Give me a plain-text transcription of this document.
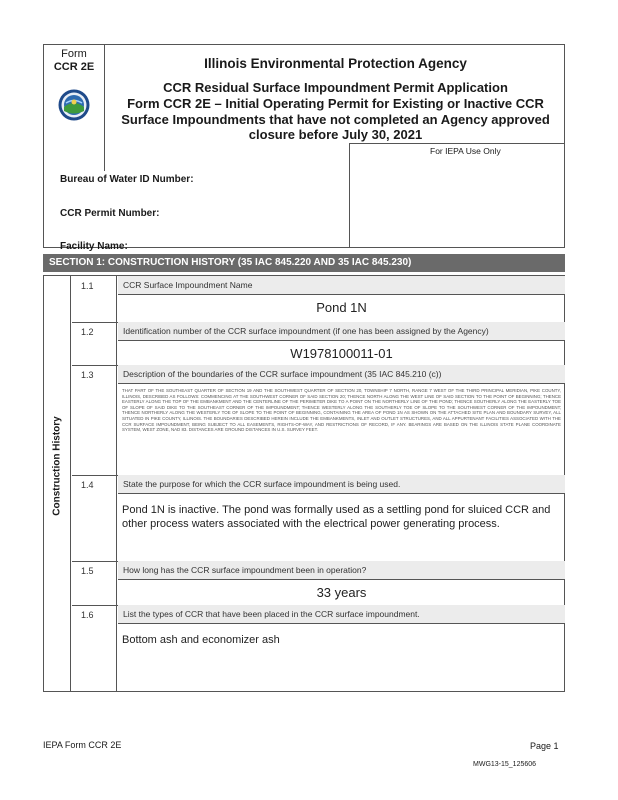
Form
CCR 2E	Illinois Environmental Protection Agency
CCR Residual Surface Impoundment Permit Application
Form CCR 2E – Initial Operating Permit for Existing or Inactive CCR Surface Impoundments that have not completed an Agency approved closure before July 30, 2021
Bureau of Water ID Number:
CCR Permit Number:
Facility Name:
For IEPA Use Only
SECTION 1: CONSTRUCTION HISTORY (35 IAC 845.220 AND 35 IAC 845.230)
Construction History
1.1	CCR Surface Impoundment Name
Pond 1N
1.2	Identification number of the CCR surface impoundment (if one has been assigned by the Agency)
W1978100011-01
1.3	Description of the boundaries of the CCR surface impoundment (35 IAC 845.210 (c))
THAT PART OF THE SOUTHEAST QUARTER OF SECTION 19 AND THE SOUTHWEST QUARTER OF SECTION 20, TOWNSHIP 7 NORTH, RANGE 7 WEST OF THE THIRD PRINCIPAL MERIDIAN, PIKE COUNTY, ILLINOIS, DESCRIBED AS FOLLOWS: COMMENCING AT THE SOUTHWEST CORNER OF SAID SECTION 20; THENCE NORTH ALONG THE WEST LINE OF SAID SECTION TO THE POINT OF BEGINNING; THENCE EASTERLY ALONG THE TOP OF THE EMBANKMENT AND THE CENTERLINE OF THE PERIMETER DIKE TO A POINT ON THE NORTHERLY LINE OF THE POND; THENCE SOUTHERLY ALONG THE EASTERLY TOE OF SLOPE OF SAID DIKE TO THE SOUTHEAST CORNER OF THE IMPOUNDMENT; THENCE WESTERLY ALONG THE SOUTHERLY TOE OF SLOPE TO THE SOUTHWEST CORNER OF THE IMPOUNDMENT; THENCE NORTHERLY ALONG THE WESTERLY TOE OF SLOPE TO THE POINT OF BEGINNING, CONTAINING THE AREA OF POND 1N AS SHOWN ON THE ATTACHED SITE PLAN AND BOUNDARY SURVEY, ALL SITUATED IN PIKE COUNTY, ILLINOIS. THE BOUNDARIES DESCRIBED HEREIN INCLUDE THE EMBANKMENTS, INLET AND OUTLET STRUCTURES, AND ALL APPURTENANT FACILITIES ASSOCIATED WITH THE CCR SURFACE IMPOUNDMENT, BEING SUBJECT TO ALL EASEMENTS, RIGHTS-OF-WAY, AND RESTRICTIONS OF RECORD, IF ANY. BEARINGS ARE BASED ON THE ILLINOIS STATE PLANE COORDINATE SYSTEM, WEST ZONE, NAD 83. DISTANCES ARE GROUND DISTANCES IN U.S. SURVEY FEET.
1.4	State the purpose for which the CCR surface impoundment is being used.
Pond 1N is inactive. The pond was formally used as a settling pond for sluiced CCR and other process waters associated with the electrical power generating process.
1.5	How long has the CCR surface impoundment been in operation?
33 years
1.6	List the types of CCR that have been placed in the CCR surface impoundment.
Bottom ash and economizer ash
IEPA Form CCR 2E	Page 1
MWG13-15_125606
